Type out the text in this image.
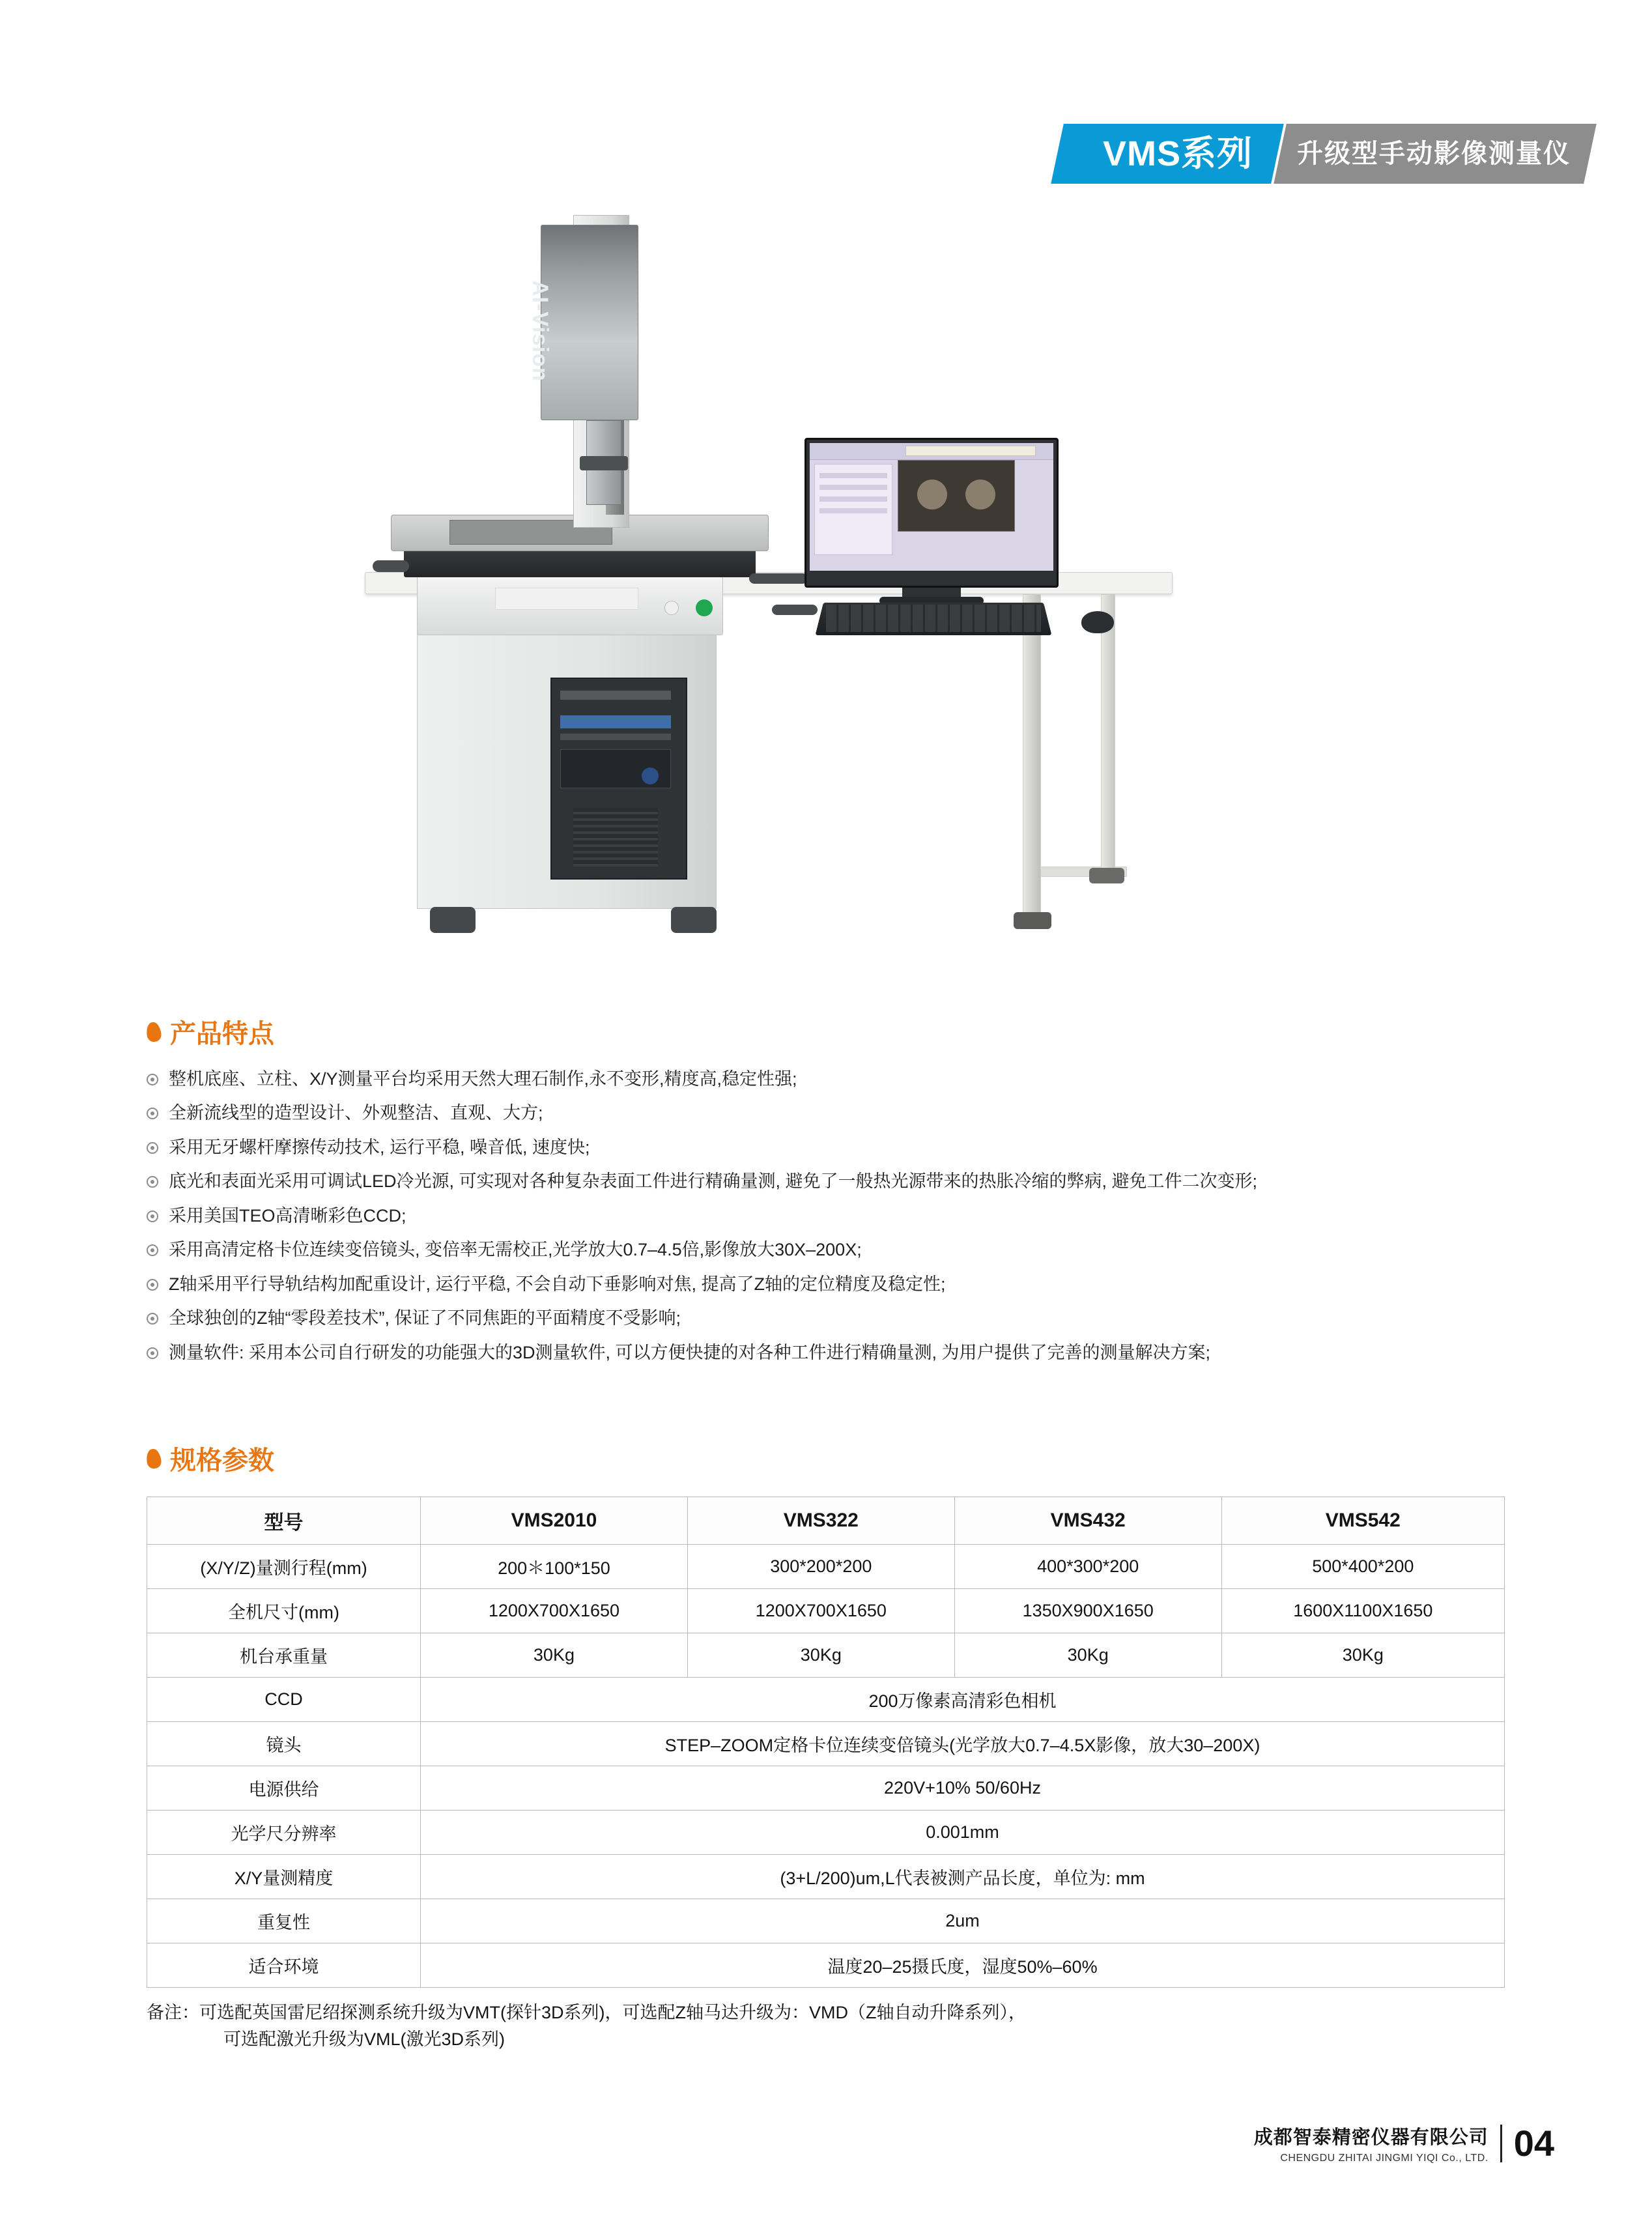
VMS系列 升级型手动影像测量仪
AI-Vision
产品特点
整机底座、立柱、X/Y测量平台均采用天然大理石制作,永不变形,精度高,稳定性强;
全新流线型的造型设计、外观整洁、直观、大方;
采用无牙螺杆摩擦传动技术, 运行平稳, 噪音低, 速度快;
底光和表面光采用可调试LED冷光源, 可实现对各种复杂表面工件进行精确量测, 避免了一般热光源带来的热胀冷缩的弊病, 避免工件二次变形;
采用美国TEO高清晰彩色CCD;
采用高清定格卡位连续变倍镜头, 变倍率无需校正,光学放大0.7–4.5倍,影像放大30X–200X;
Z轴采用平行导轨结构加配重设计, 运行平稳, 不会自动下垂影响对焦, 提高了Z轴的定位精度及稳定性;
全球独创的Z轴“零段差技术”, 保证了不同焦距的平面精度不受影响;
测量软件: 采用本公司自行研发的功能强大的3D测量软件, 可以方便快捷的对各种工件进行精确量测, 为用户提供了完善的测量解决方案;
规格参数
型号	VMS2010	VMS322	VMS432	VMS542
(X/Y/Z)量测行程(mm)	200＊100*150	300*200*200	400*300*200	500*400*200
全机尺寸(mm)	1200X700X1650	1200X700X1650	1350X900X1650	1600X1100X1650
机台承重量	30Kg	30Kg	30Kg	30Kg
CCD	200万像素高清彩色相机			
镜头	STEP–ZOOM定格卡位连续变倍镜头(光学放大0.7–4.5X影像，放大30–200X)			
电源供给	220V+10% 50/60Hz			
光学尺分辨率	0.001mm			
X/Y量测精度	(3+L/200)um,L代表被测产品长度，单位为: mm			
重复性	2um			
适合环境	温度20–25摄氏度，湿度50%–60%			
备注：可选配英国雷尼绍探测系统升级为VMT(探针3D系列)，可选配Z轴马达升级为：VMD（Z轴自动升降系列），
可选配激光升级为VML(激光3D系列)
成都智泰精密仪器有限公司
CHENGDU ZHITAI JINGMI YIQI Co., LTD. 04
